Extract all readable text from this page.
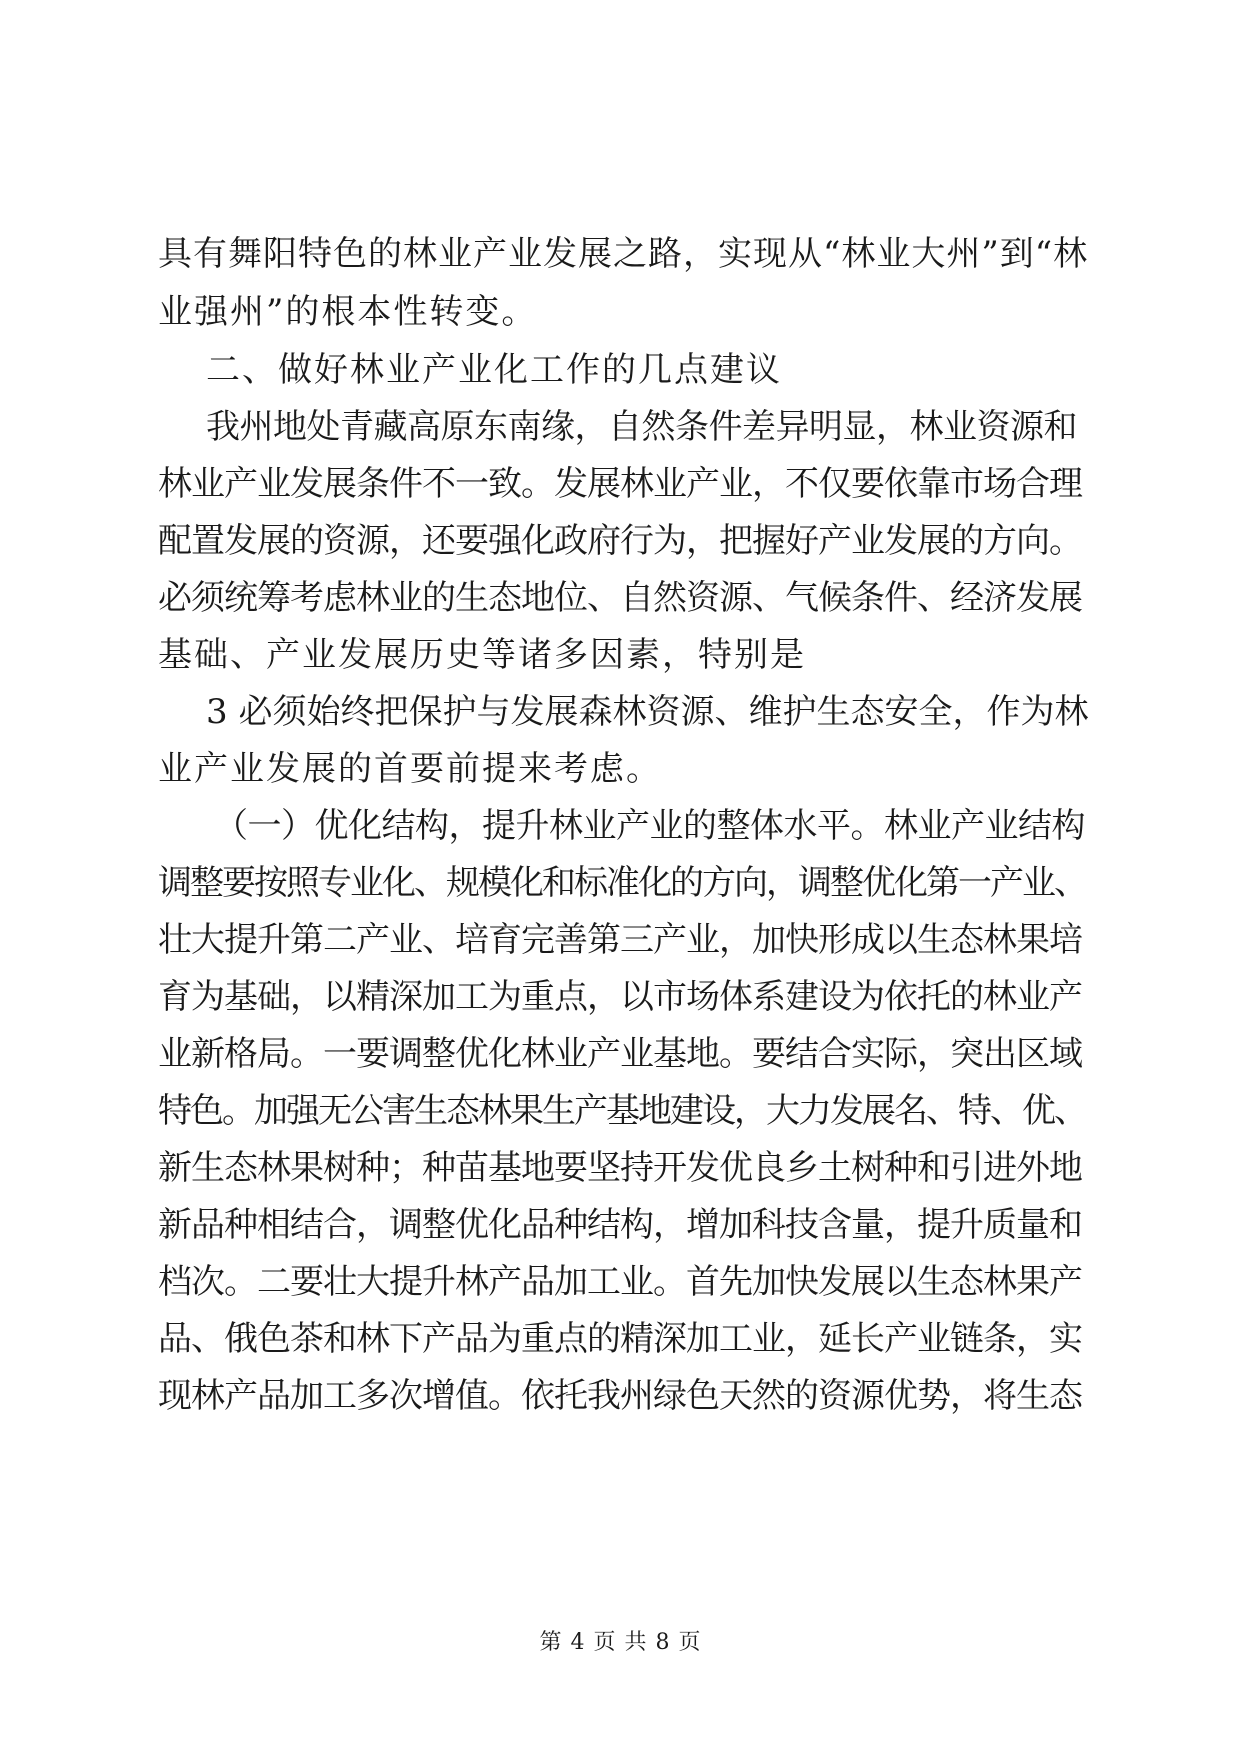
具有舞阳特色的林业产业发展之路，实现从“林业大州”到“林
业强州”的根本性转变。
二、做好林业产业化工作的几点建议
我州地处青藏高原东南缘，自然条件差异明显，林业资源和
林业产业发展条件不一致。发展林业产业，不仅要依靠市场合理
配置发展的资源，还要强化政府行为，把握好产业发展的方向。
必须统筹考虑林业的生态地位、自然资源、气候条件、经济发展
基础、产业发展历史等诸多因素，特别是
3 必须始终把保护与发展森林资源、维护生态安全，作为林
业产业发展的首要前提来考虑。
（一）优化结构，提升林业产业的整体水平。林业产业结构
调整要按照专业化、规模化和标准化的方向，调整优化第一产业、
壮大提升第二产业、培育完善第三产业，加快形成以生态林果培
育为基础，以精深加工为重点，以市场体系建设为依托的林业产
业新格局。一要调整优化林业产业基地。要结合实际，突出区域
特色。加强无公害生态林果生产基地建设，大力发展名、特、优、
新生态林果树种；种苗基地要坚持开发优良乡土树种和引进外地
新品种相结合，调整优化品种结构，增加科技含量，提升质量和
档次。二要壮大提升林产品加工业。首先加快发展以生态林果产
品、俄色茶和林下产品为重点的精深加工业，延长产业链条，实
现林产品加工多次增值。依托我州绿色天然的资源优势，将生态
第 4 页 共 8 页
